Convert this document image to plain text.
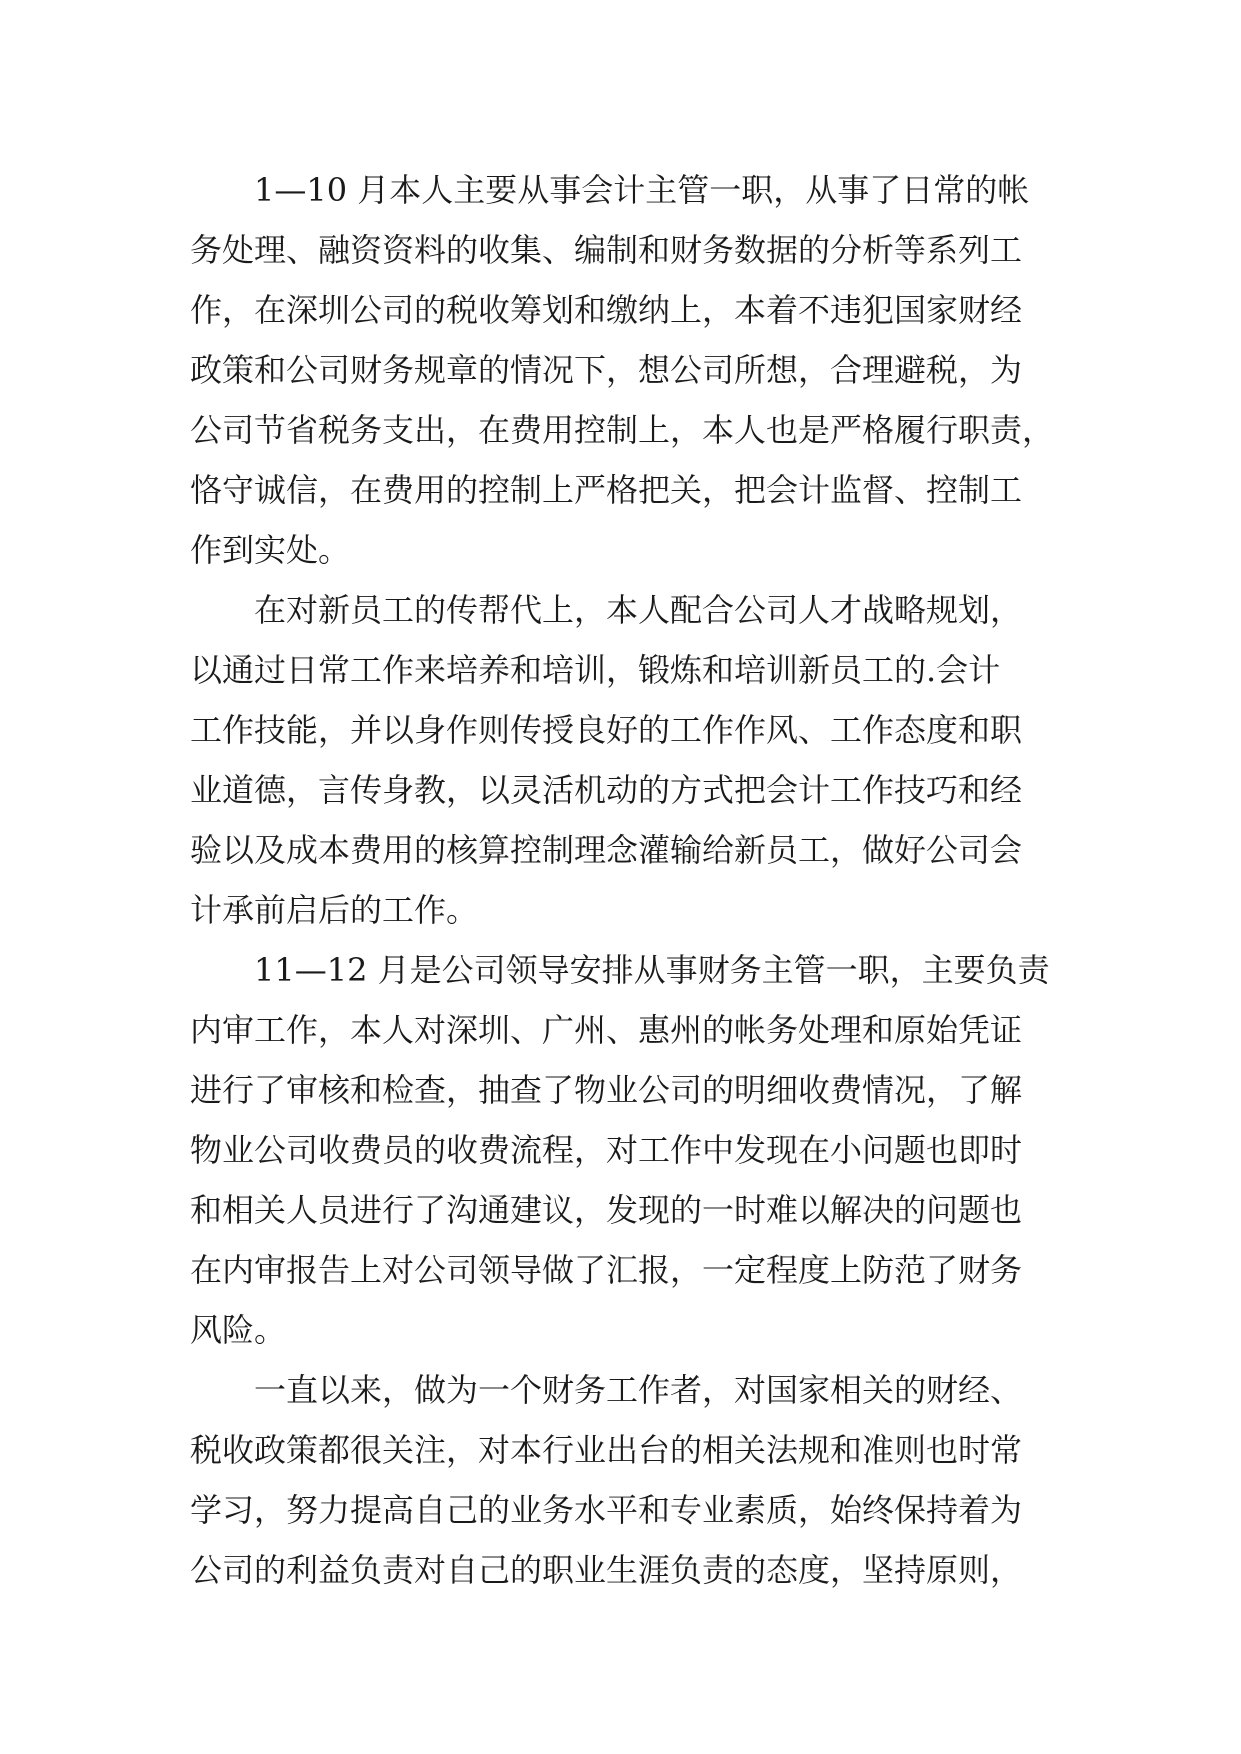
1—10 月本人主要从事会计主管一职，从事了日常的帐
务处理、融资资料的收集、编制和财务数据的分析等系列工
作，在深圳公司的税收筹划和缴纳上，本着不违犯国家财经
政策和公司财务规章的情况下，想公司所想，合理避税，为
公司节省税务支出，在费用控制上，本人也是严格履行职责，
恪守诚信，在费用的控制上严格把关，把会计监督、控制工
作到实处。
在对新员工的传帮代上，本人配合公司人才战略规划，
以通过日常工作来培养和培训，锻炼和培训新员工的.会计
工作技能，并以身作则传授良好的工作作风、工作态度和职
业道德，言传身教，以灵活机动的方式把会计工作技巧和经
验以及成本费用的核算控制理念灌输给新员工，做好公司会
计承前启后的工作。
11—12 月是公司领导安排从事财务主管一职，主要负责
内审工作，本人对深圳、广州、惠州的帐务处理和原始凭证
进行了审核和检查，抽查了物业公司的明细收费情况，了解
物业公司收费员的收费流程，对工作中发现在小问题也即时
和相关人员进行了沟通建议，发现的一时难以解决的问题也
在内审报告上对公司领导做了汇报，一定程度上防范了财务
风险。
一直以来，做为一个财务工作者，对国家相关的财经、
税收政策都很关注，对本行业出台的相关法规和准则也时常
学习，努力提高自己的业务水平和专业素质，始终保持着为
公司的利益负责对自己的职业生涯负责的态度，坚持原则，
